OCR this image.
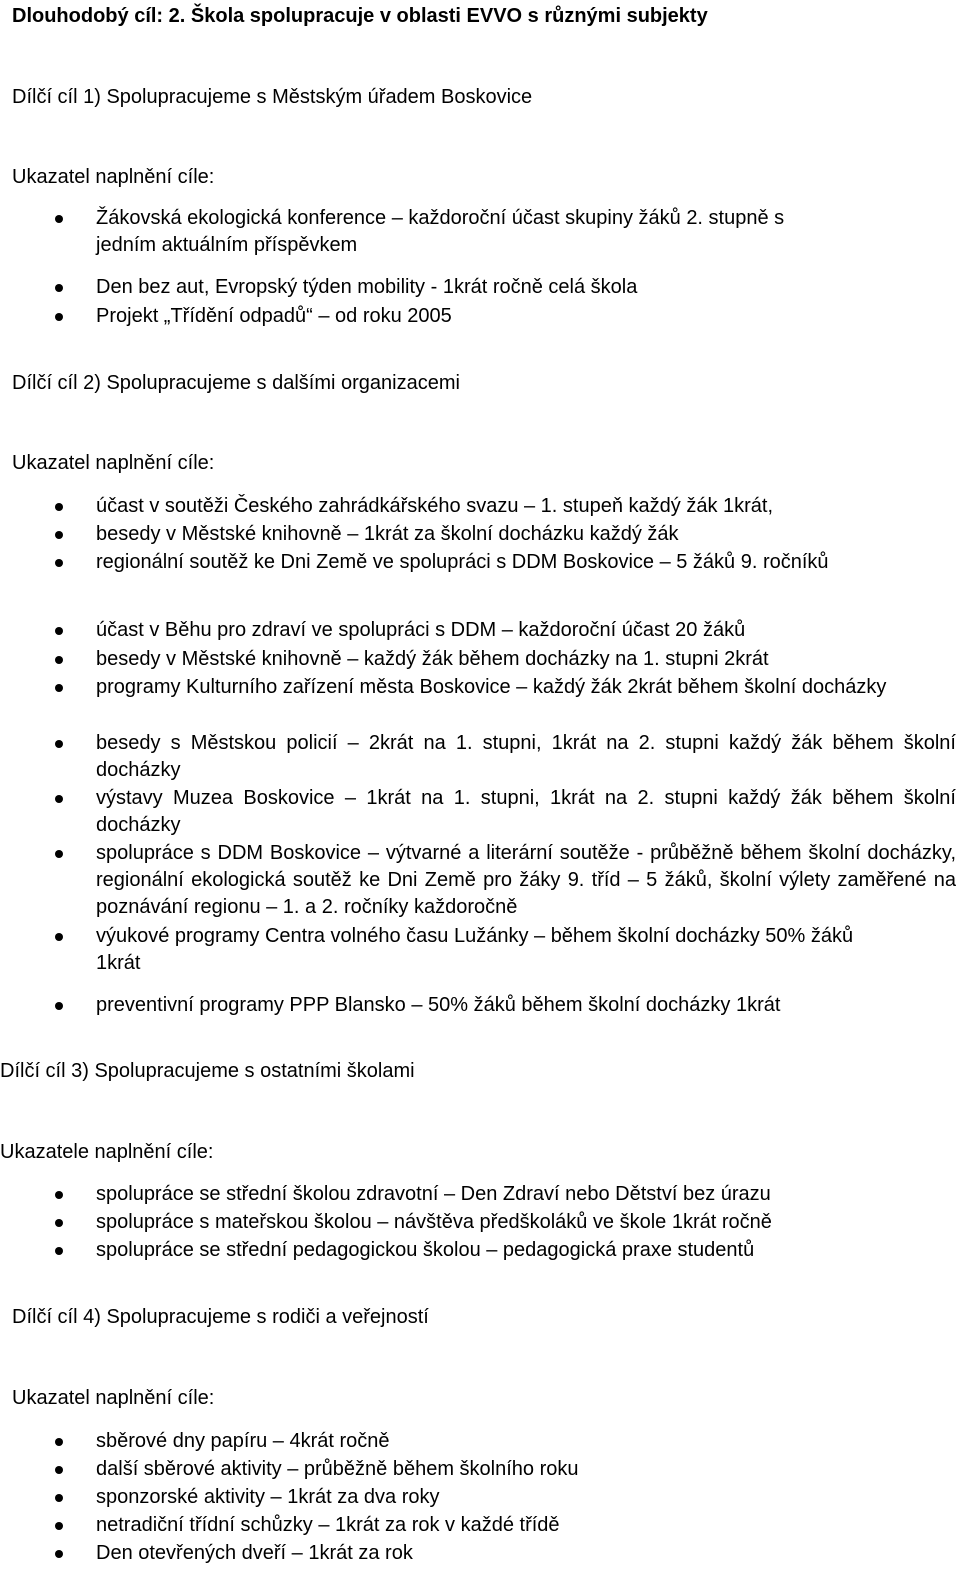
Dlouhodobý cíl: 2. Škola spolupracuje v oblasti EVVO s různými subjekty
Dílčí cíl 1) Spolupracujeme s Městským úřadem Boskovice
Ukazatel naplnění cíle:
Žákovská ekologická konference – každoroční účast skupiny žáků 2. stupně s jedním aktuálním příspěvkem
Den bez aut, Evropský týden mobility - 1krát ročně celá škola
Projekt „Třídění odpadů“ – od roku 2005
Dílčí cíl 2) Spolupracujeme s dalšími organizacemi
Ukazatel naplnění cíle:
účast v soutěži Českého zahrádkářského svazu – 1. stupeň každý žák 1krát,
besedy v Městské knihovně – 1krát za školní docházku každý žák
regionální soutěž ke Dni Země ve spolupráci s DDM Boskovice – 5 žáků 9. ročníků
účast v Běhu pro zdraví ve spolupráci s DDM – každoroční účast 20 žáků
besedy v Městské knihovně – každý žák během docházky na 1. stupni 2krát
programy Kulturního zařízení města Boskovice – každý žák 2krát během školní docházky
besedy s Městskou policií – 2krát na 1. stupni, 1krát na 2. stupni každý žák během školní docházky
výstavy Muzea Boskovice – 1krát na 1. stupni, 1krát na 2. stupni každý žák během školní docházky
spolupráce s DDM Boskovice – výtvarné a literární soutěže - průběžně během školní docházky, regionální ekologická soutěž ke Dni Země pro žáky 9. tříd – 5 žáků, školní výlety zaměřené na poznávání regionu – 1. a 2. ročníky každoročně
výukové programy Centra volného času Lužánky – během školní docházky 50% žáků 1krát
preventivní programy PPP Blansko – 50% žáků během školní docházky 1krát
Dílčí cíl 3) Spolupracujeme s ostatními školami
Ukazatele naplnění cíle:
spolupráce se střední školou zdravotní – Den Zdraví nebo Dětství bez úrazu
spolupráce s mateřskou školou – návštěva předškoláků ve škole 1krát ročně
spolupráce se střední pedagogickou školou – pedagogická praxe studentů
Dílčí cíl 4) Spolupracujeme s rodiči a veřejností
Ukazatel naplnění cíle:
sběrové dny papíru – 4krát ročně
další sběrové aktivity – průběžně během školního roku
sponzorské aktivity – 1krát za dva roky
netradiční třídní schůzky – 1krát za rok v každé třídě
Den otevřených dveří – 1krát za rok
